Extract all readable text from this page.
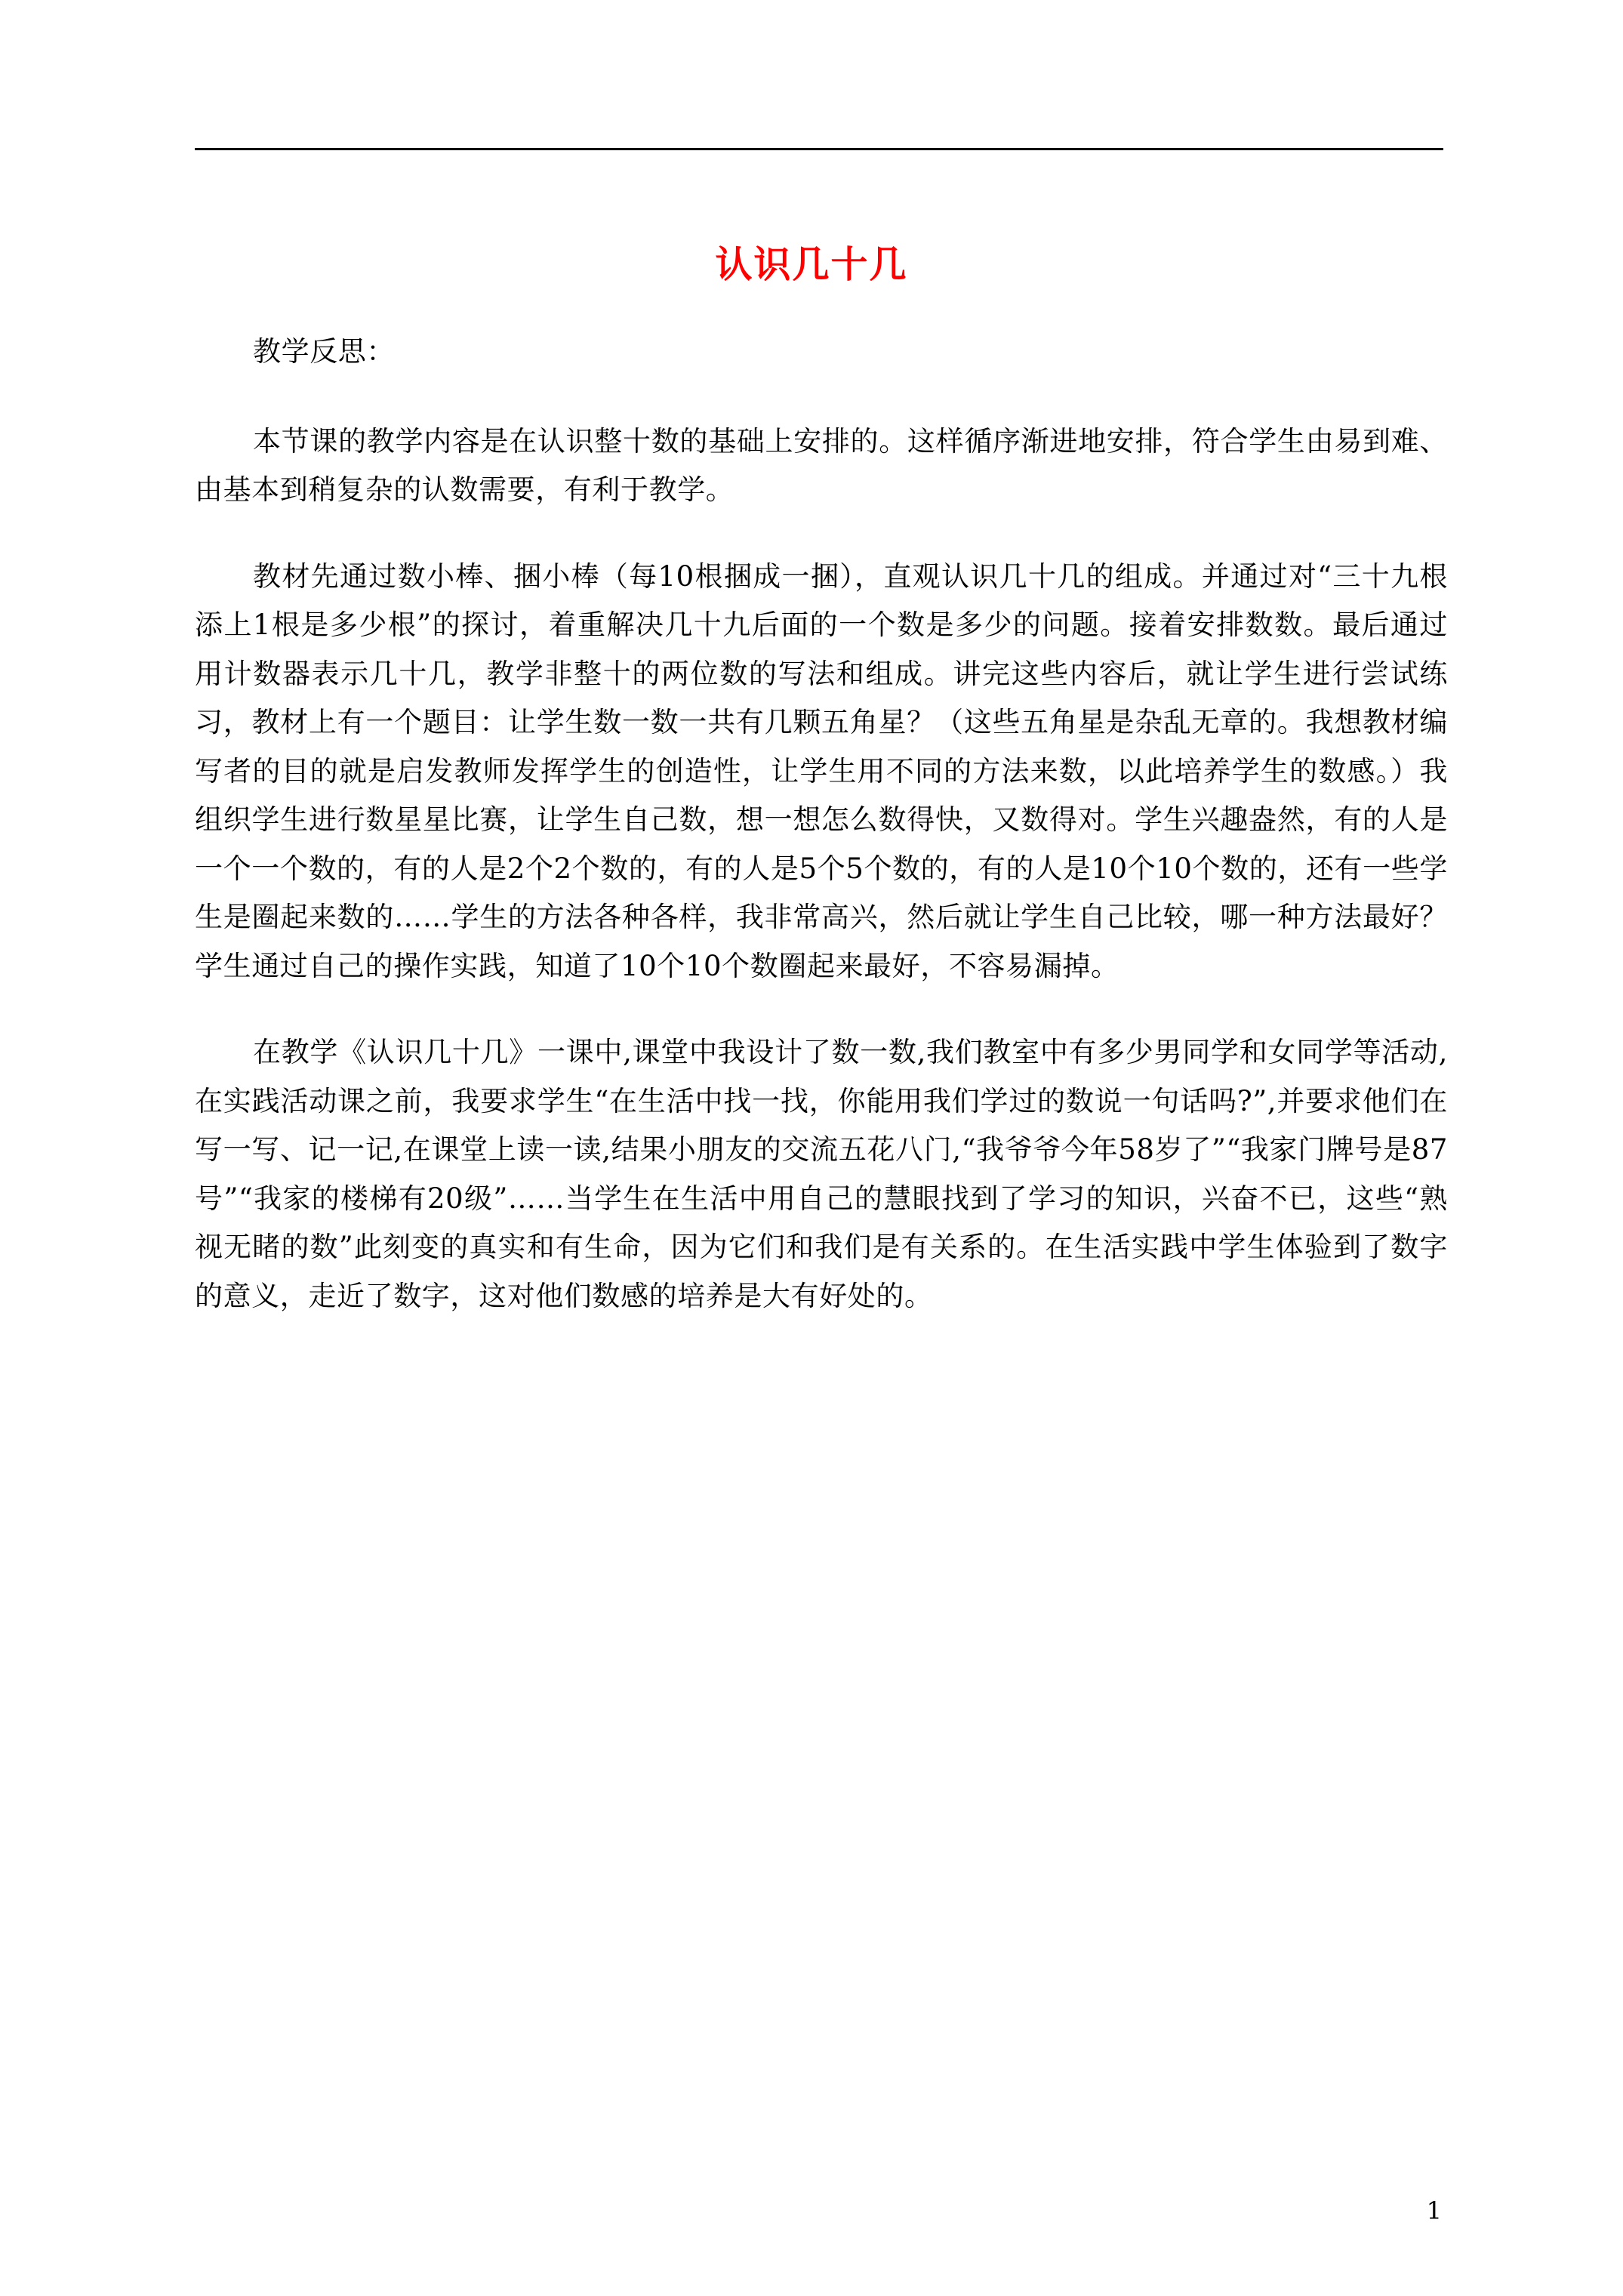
认识几十几

教学反思：

本节课的教学内容是在认识整十数的基础上安排的。这样循序渐进地安排，符合学生由易到难、由基本到稍复杂的认数需要，有利于教学。

教材先通过数小棒、捆小棒（每10根捆成一捆），直观认识几十几的组成。并通过对“三十九根添上1根是多少根”的探讨，着重解决几十九后面的一个数是多少的问题。接着安排数数。最后通过用计数器表示几十几，教学非整十的两位数的写法和组成。讲完这些内容后，就让学生进行尝试练习，教材上有一个题目：让学生数一数一共有几颗五角星？（这些五角星是杂乱无章的。我想教材编写者的目的就是启发教师发挥学生的创造性，让学生用不同的方法来数，以此培养学生的数感。）我组织学生进行数星星比赛，让学生自己数，想一想怎么数得快，又数得对。学生兴趣盎然，有的人是一个一个数的，有的人是2个2个数的，有的人是5个5个数的，有的人是10个10个数的，还有一些学生是圈起来数的……学生的方法各种各样，我非常高兴，然后就让学生自己比较，哪一种方法最好？学生通过自己的操作实践，知道了10个10个数圈起来最好，不容易漏掉。

在教学《认识几十几》一课中,课堂中我设计了数一数,我们教室中有多少男同学和女同学等活动,在实践活动课之前，我要求学生“在生活中找一找，你能用我们学过的数说一句话吗?”,并要求他们在写一写、记一记,在课堂上读一读,结果小朋友的交流五花八门,“我爷爷今年58岁了”“我家门牌号是87号”“我家的楼梯有20级”……当学生在生活中用自己的慧眼找到了学习的知识，兴奋不已，这些“熟视无睹的数”此刻变的真实和有生命，因为它们和我们是有关系的。在生活实践中学生体验到了数字的意义，走近了数字，这对他们数感的培养是大有好处的。

1
